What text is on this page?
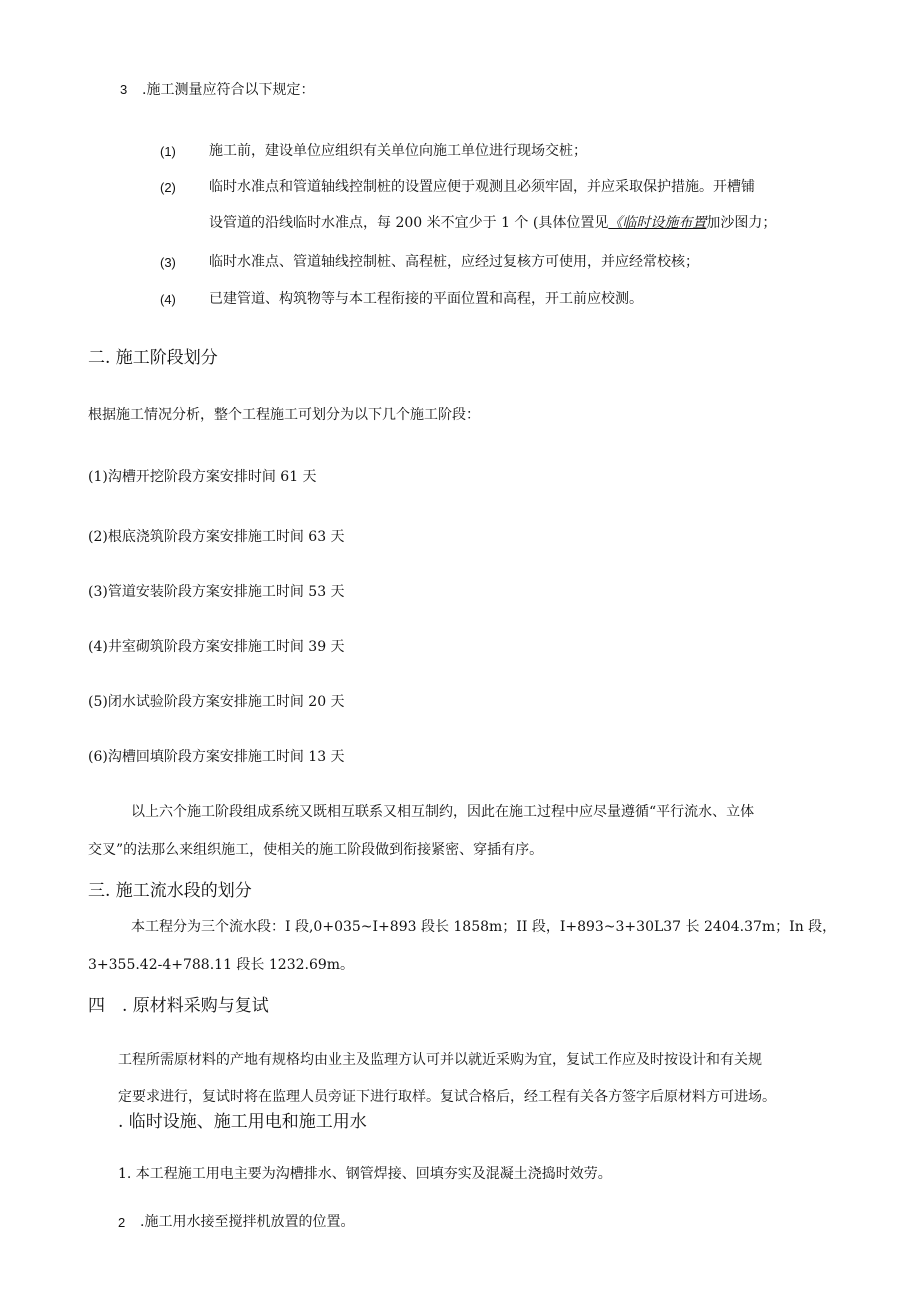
3 .施工测量应符合以下规定：
(1) 施工前，建设单位应组织有关单位向施工单位进行现场交桩；
(2) 临时水准点和管道轴线控制桩的设置应便于观测且必须牢固，并应采取保护措施。开槽铺
设管道的沿线临时水准点，每 200 米不宜少于 1 个 (具体位置见《临时设施布置加沙图力；
(3) 临时水准点、管道轴线控制桩、高程桩，应经过复核方可使用，并应经常校核；
(4) 已建管道、构筑物等与本工程衔接的平面位置和高程，开工前应校测。
二. 施工阶段划分
根据施工情况分析，整个工程施工可划分为以下几个施工阶段：
(1)沟槽开挖阶段方案安排时间 61 天
(2)根底浇筑阶段方案安排施工时间 63 天
(3)管道安装阶段方案安排施工时间 53 天
(4)井室砌筑阶段方案安排施工时间 39 天
(5)闭水试验阶段方案安排施工时间 20 天
(6)沟槽回填阶段方案安排施工时间 13 天
以上六个施工阶段组成系统又既相互联系又相互制约，因此在施工过程中应尽量遵循“平行流水、立体
交叉”的法那么来组织施工，使相关的施工阶段做到衔接紧密、穿插有序。
三. 施工流水段的划分
本工程分为三个流水段：I 段,0+035~I+893 段长 1858m；II 段，I+893~3+30L37 长 2404.37m；In 段，
3+355.42-4+788.11 段长 1232.69m。
四　. 原材料采购与复试
工程所需原材料的产地有规格均由业主及监理方认可并以就近采购为宜，复试工作应及时按设计和有关规
定要求进行，复试时将在监理人员旁证下进行取样。复试合格后，经工程有关各方签字后原材料方可进场。
. 临时设施、施工用电和施工用水
1. 本工程施工用电主要为沟槽排水、钢管焊接、回填夯实及混凝土浇捣时效劳。
2 .施工用水接至搅拌机放置的位置。
